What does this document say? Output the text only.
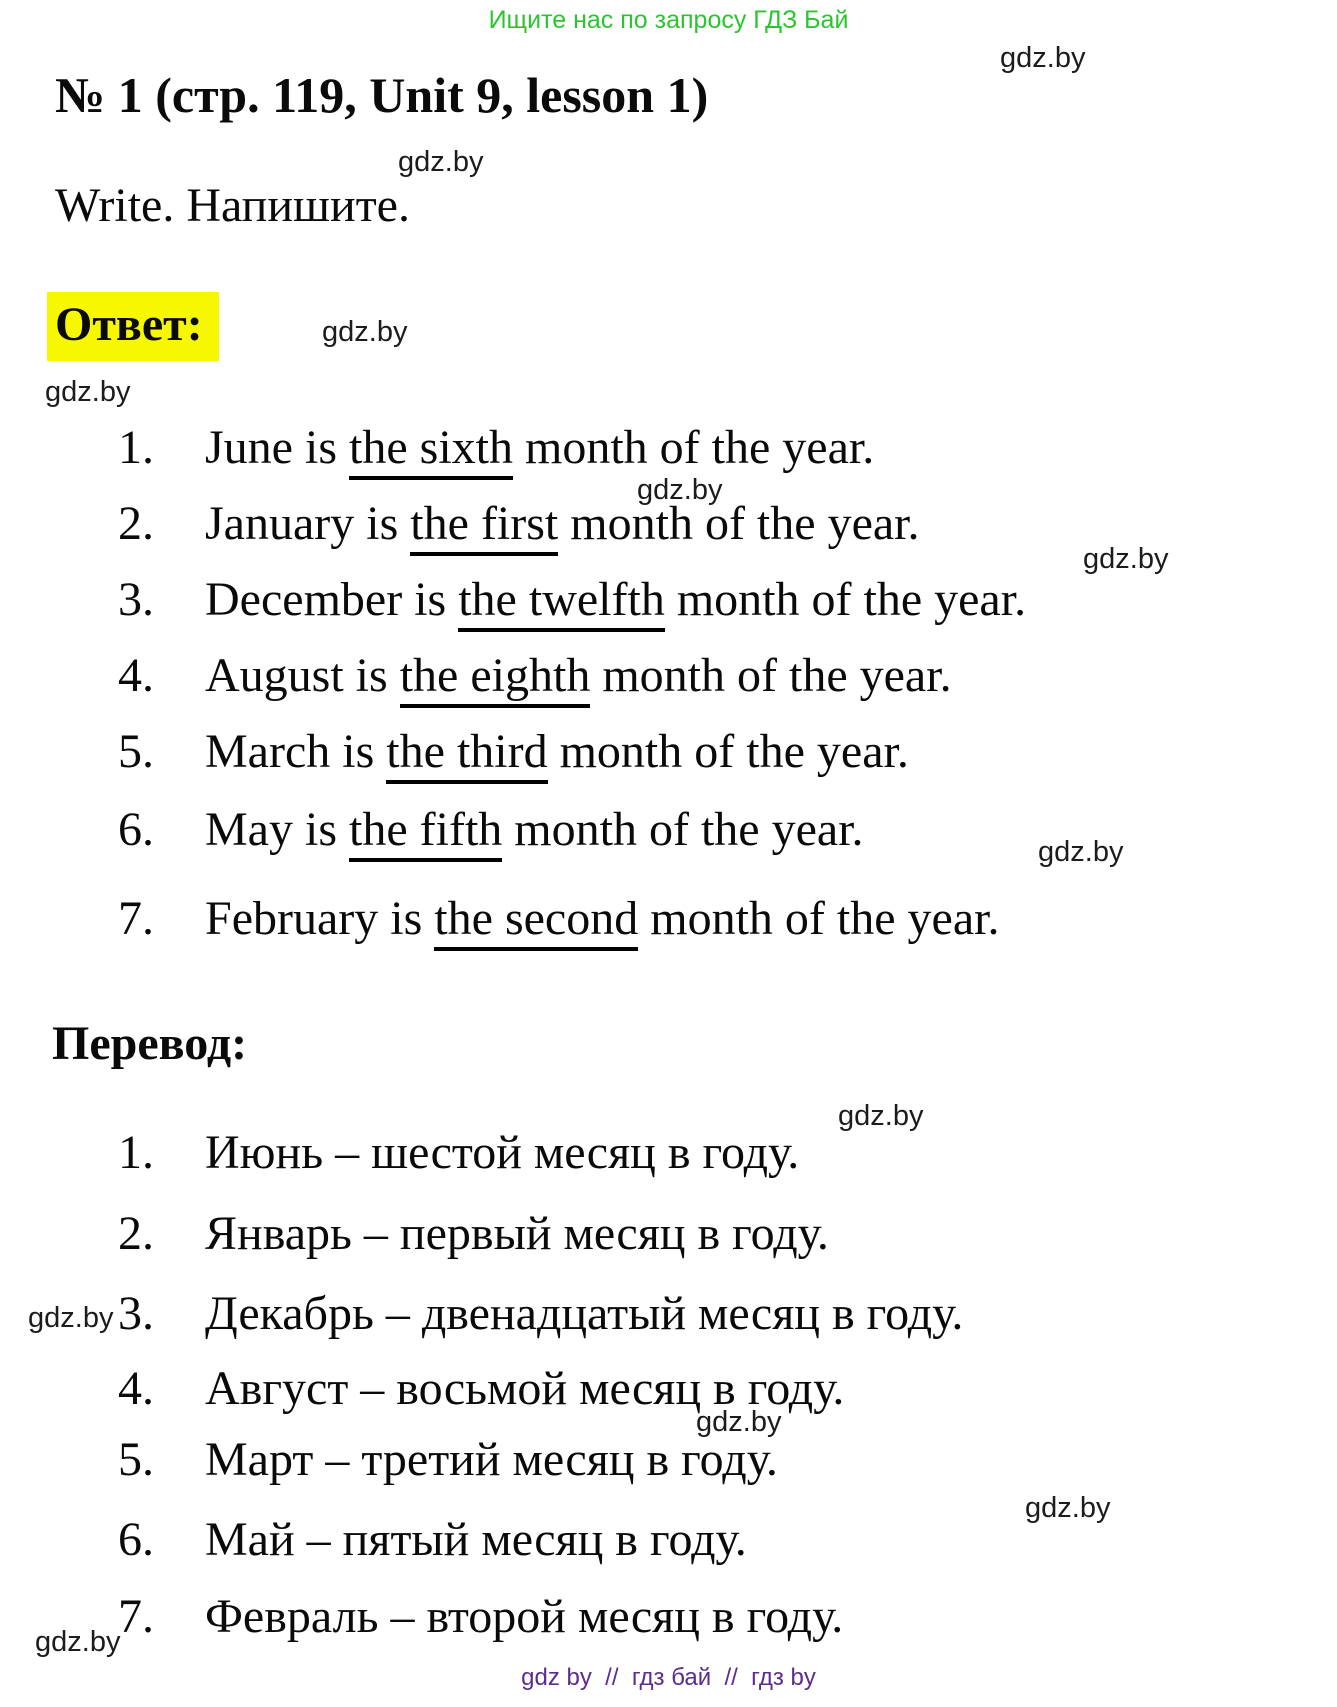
Ищите нас по запросу ГДЗ Бай
gdz.by
gdz.by
gdz.by
gdz.by
gdz.by
gdz.by
gdz.by
gdz.by
gdz.by
gdz.by
gdz.by
gdz.by
№ 1 (стр. 119, Unit 9, lesson 1)
Write. Напишите.
Ответ:
1.	June is the sixth month of the year.
2.	January is the first month of the year.
3.	December is the twelfth month of the year.
4.	August is the eighth month of the year.
5.	March is the third month of the year.
6.	May is the fifth month of the year.
7.	February is the second month of the year.
Перевод:
1.	Июнь – шестой месяц в году.
2.	Январь – первый месяц в году.
3.	Декабрь – двенадцатый месяц в году.
4.	Август – восьмой месяц в году.
5.	Март – третий месяц в году.
6.	Май – пятый месяц в году.
7.	Февраль – второй месяц в году.
gdz by  //  гдз бай  //  гдз by
